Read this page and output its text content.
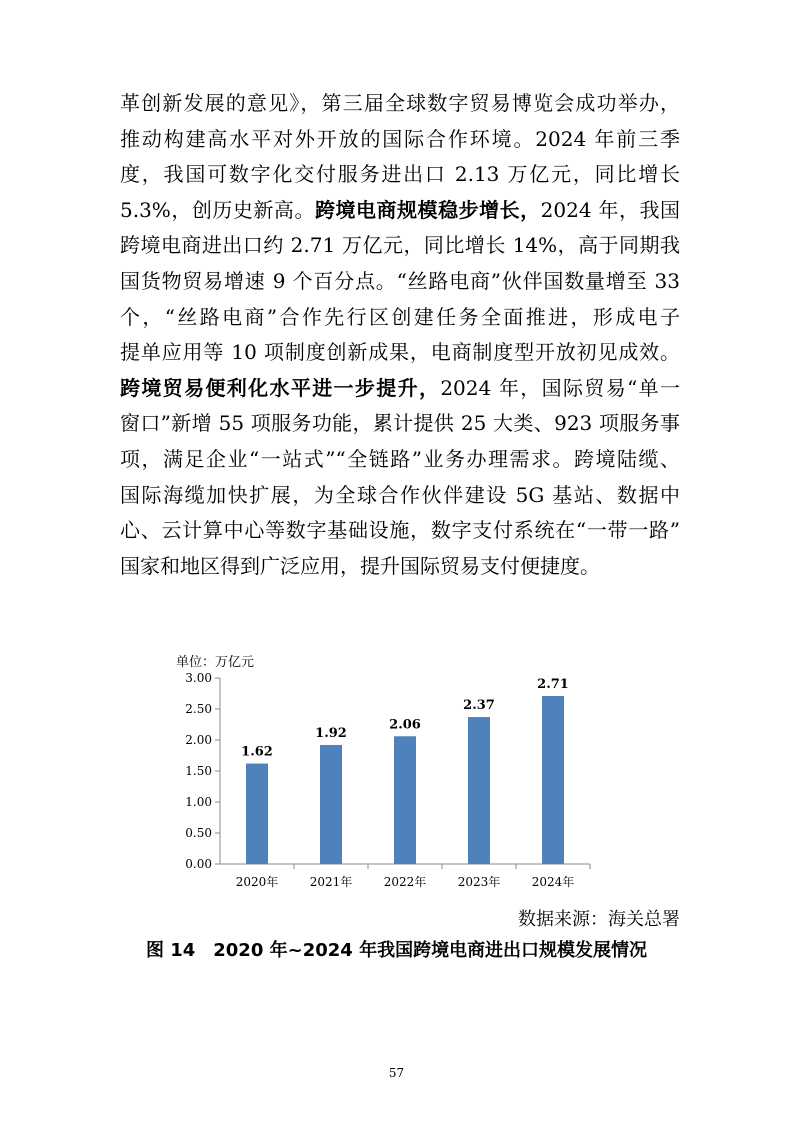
革创新发展的意见》，第三届全球数字贸易博览会成功举办，

推动构建高水平对外开放的国际合作环境。2024 年前三季

度，我国可数字化交付服务进出口 2.13 万亿元，同比增长

5.3%，创历史新高。跨境电商规模稳步增长，2024 年，我国

跨境电商进出口约 2.71 万亿元，同比增长 14%，高于同期我

国货物贸易增速 9 个百分点。“丝路电商”伙伴国数量增至 33

个，“丝路电商”合作先行区创建任务全面推进，形成电子

提单应用等 10 项制度创新成果，电商制度型开放初见成效。

跨境贸易便利化水平进一步提升，2024 年，国际贸易“单一

窗口”新增 55 项服务功能，累计提供 25 大类、923 项服务事

项，满足企业“一站式”“全链路”业务办理需求。跨境陆缆、

国际海缆加快扩展，为全球合作伙伴建设 5G 基站、数据中

心、云计算中心等数字基础设施，数字支付系统在“一带一路”

国家和地区得到广泛应用，提升国际贸易支付便捷度。

单位：万亿元
0.00
0.50
1.00
1.50
2.00
2.50
3.00
1.62
2020年
1.92
2021年
2.06
2022年
2.37
2023年
2.71
2024年
数据来源：海关总署
图 14　2020 年~2024 年我国跨境电商进出口规模发展情况
57
